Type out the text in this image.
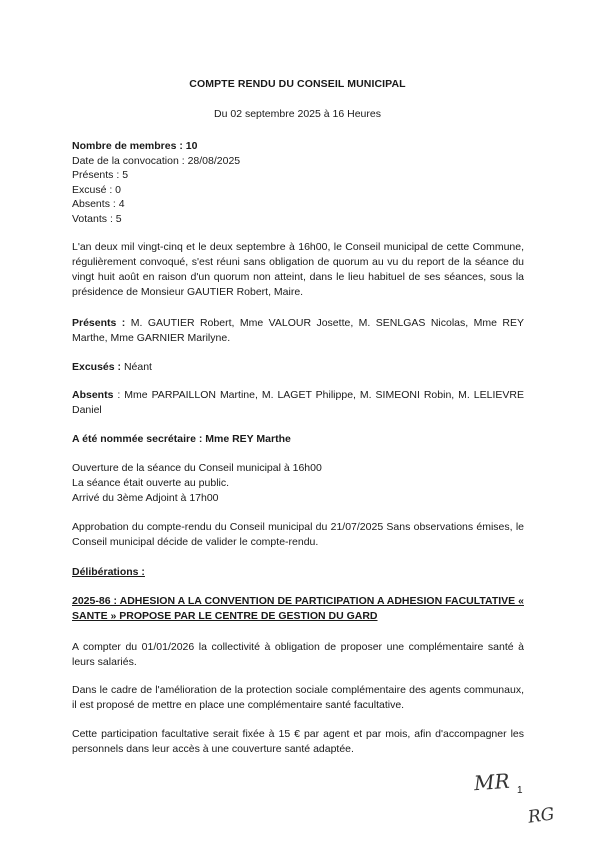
COMPTE RENDU DU CONSEIL MUNICIPAL
Du 02 septembre 2025 à 16 Heures
Nombre de membres : 10
Date de la convocation : 28/08/2025
Présents : 5
Excusé : 0
Absents : 4
Votants : 5
L'an deux mil vingt-cinq et le deux septembre à 16h00, le Conseil municipal de cette Commune, régulièrement convoqué, s'est réuni sans obligation de quorum au vu du report de la séance du vingt huit août en raison d'un quorum non atteint, dans le lieu habituel de ses séances, sous la présidence de Monsieur GAUTIER Robert, Maire.
Présents : M. GAUTIER Robert, Mme VALOUR Josette, M. SENLGAS Nicolas, Mme REY Marthe, Mme GARNIER Marilyne.
Excusés : Néant
Absents : Mme PARPAILLON Martine, M. LAGET Philippe, M. SIMEONI Robin, M. LELIEVRE Daniel
A été nommée secrétaire : Mme REY Marthe
Ouverture de la séance du Conseil municipal à 16h00
La séance était ouverte au public.
Arrivé du 3ème Adjoint à 17h00
Approbation du compte-rendu du Conseil municipal du 21/07/2025 Sans observations émises, le Conseil municipal décide de valider le compte-rendu.
Délibérations :
2025-86 : ADHESION A LA CONVENTION DE PARTICIPATION A ADHESION FACULTATIVE « SANTE » PROPOSE PAR LE CENTRE DE GESTION DU GARD
A compter du 01/01/2026 la collectivité à obligation de proposer une complémentaire santé à leurs salariés.
Dans le cadre de l'amélioration de la protection sociale complémentaire des agents communaux, il est proposé de mettre en place une complémentaire santé facultative.
Cette participation facultative serait fixée à 15 € par agent et par mois, afin d'accompagner les personnels dans leur accès à une couverture santé adaptée.
MR 1
RG
